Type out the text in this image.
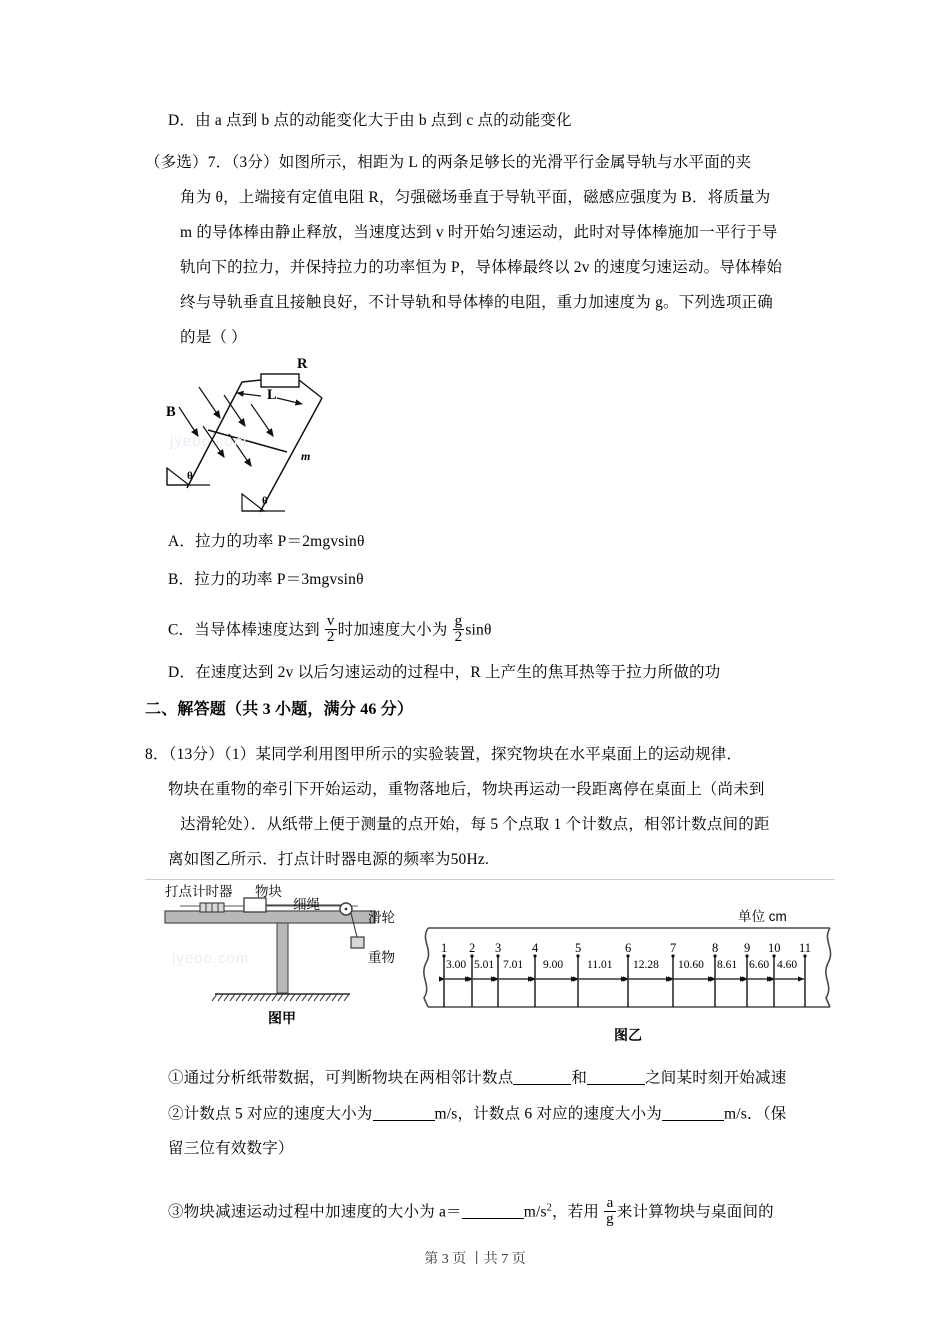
D．由 a 点到 b 点的动能变化大于由 b 点到 c 点的动能变化
（多选）7．（3分）如图所示，相距为 L 的两条足够长的光滑平行金属导轨与水平面的夹
角为 θ，上端接有定值电阻 R，匀强磁场垂直于导轨平面，磁感应强度为 B．将质量为
m 的导体棒由静止释放，当速度达到 v 时开始匀速运动，此时对导体棒施加一平行于导
轨向下的拉力，并保持拉力的功率恒为 P，导体棒最终以 2v 的速度匀速运动。导体棒始
终与导轨垂直且接触良好，不计导轨和导体棒的电阻，重力加速度为 g。下列选项正确
的是（ ）
R
L
B
m
θ
θ
jyeoo.com
A．拉力的功率 P＝2mgvsinθ
B．拉力的功率 P＝3mgvsinθ
C．当导体棒速度达到 $\frac{v}{2}$ 时加速度大小为 $\frac{g}{2}$ sinθ
D．在速度达到 2v 以后匀速运动的过程中，R 上产生的焦耳热等于拉力所做的功
二、解答题（共 3 小题，满分 46 分）
8．（13分）（1）某同学利用图甲所示的实验装置，探究物块在水平桌面上的运动规律．
物块在重物的牵引下开始运动，重物落地后，物块再运动一段距离停在桌面上（尚未到
达滑轮处）．从纸带上便于测量的点开始，每 5 个点取 1 个计数点，相邻计数点间的距
离如图乙所示．打点计时器电源的频率为50Hz.
打点计时器 物块
细绳
滑轮
重物
图甲
jyeoo.com
单位 cm
1 2 3 4	5	6	7	8 9 10 11
3.00 5.01 7.01 9.00 11.01 12.28 10.60 8.61 6.60 4.60
图乙
①通过分析纸带数据，可判断物块在两相邻计数点	和	之间某时刻开始减速
②计数点 5 对应的速度大小为	m/s，计数点 6 对应的速度大小为	m/s．（保
留三位有效数字）
③物块减速运动过程中加速度的大小为 a＝	$m/s^2$，若用 $\frac{a}{g}$ 来计算物块与桌面间的
第 3 页 丨共 7 页
